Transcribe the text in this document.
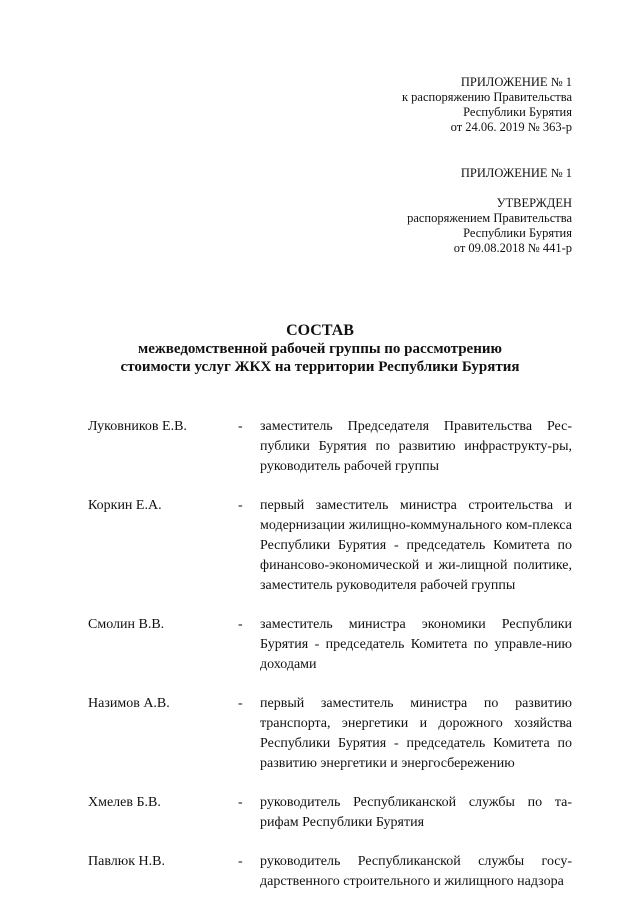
ПРИЛОЖЕНИЕ № 1
к распоряжению Правительства
Республики Бурятия
от 24.06. 2019 № 363-р
ПРИЛОЖЕНИЕ № 1
УТВЕРЖДЕН
распоряжением Правительства
Республики Бурятия
от 09.08.2018 № 441-р
СОСТАВ
межведомственной рабочей группы по рассмотрению
стоимости услуг ЖКХ на территории Республики Бурятия
Луковников Е.В.	-	заместитель Председателя Правительства Рес-публики Бурятия по развитию инфраструкту-ры, руководитель рабочей группы
Коркин Е.А.	-	первый заместитель министра строительства и модернизации жилищно-коммунального ком-плекса Республики Бурятия - председатель Комитета по финансово-экономической и жи-лищной политике, заместитель руководителя рабочей группы
Смолин В.В.	-	заместитель министра экономики Республики Бурятия - председатель Комитета по управле-нию доходами
Назимов А.В.	-	первый заместитель министра по развитию транспорта, энергетики и дорожного хозяйства Республики Бурятия - председатель Комитета по развитию энергетики и энергосбережению
Хмелев Б.В.	-	руководитель Республиканской службы по та-рифам Республики Бурятия
Павлюк Н.В.	-	руководитель Республиканской службы госу-дарственного строительного и жилищного надзора
